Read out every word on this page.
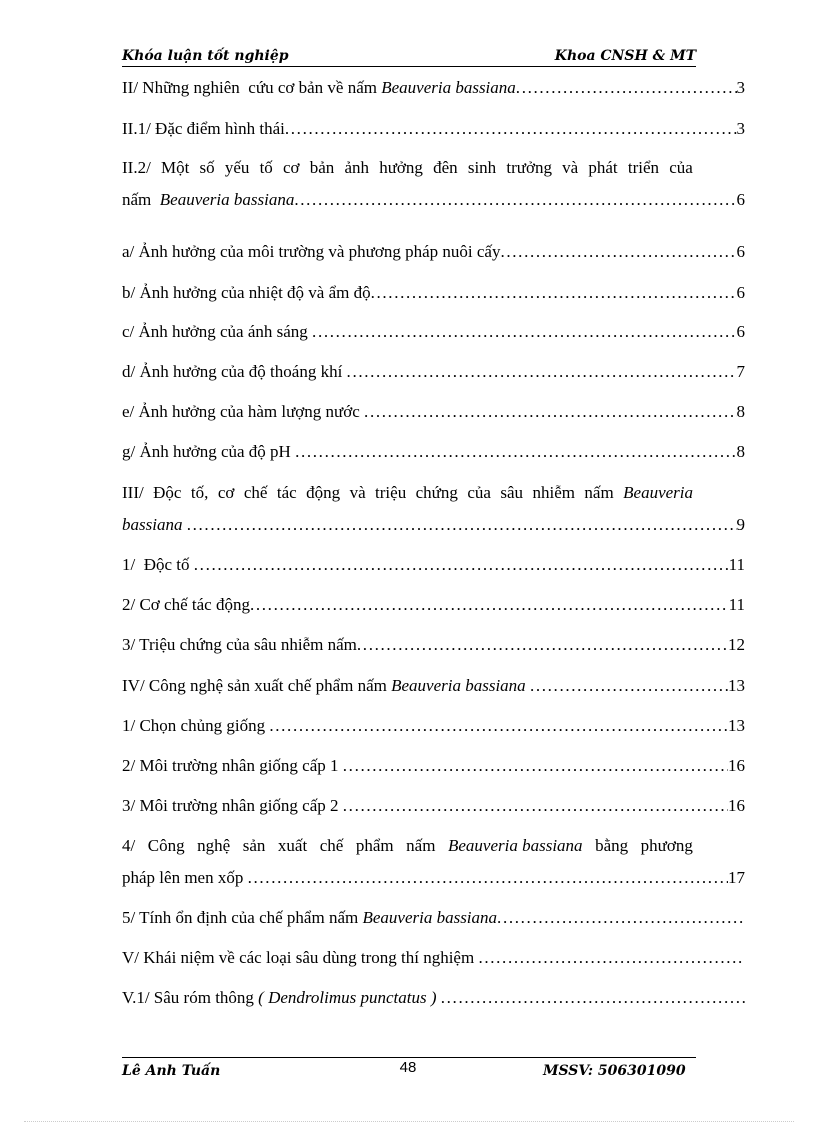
Khóa luận tốt nghiệp	Khoa CNSH & MT
II/ Những nghiên  cứu cơ bản về nấm Beauveria bassiana . . .	3
II.1/ Đặc điểm hình thái . . .	3
II.2/ Một số yếu tố cơ bản ảnh hưởng đên sinh trưởng và phát triển của
nấm  Beauveria bassiana . . .	6
a/ Ảnh hưởng của môi trường và phương pháp nuôi cấy . . .	6
b/ Ảnh hưởng của nhiệt độ và ẩm độ . . .	6
c/ Ảnh hưởng của ánh sáng . . .	6
d/ Ảnh hưởng của độ thoáng khí . . .	7
e/ Ảnh hưởng của hàm lượng nước . . .	8
g/ Ảnh hưởng của độ pH . . .	8
III/ Độc tố, cơ chế tác động và triệu chứng của sâu nhiễm nấm Beauveria
bassiana . . .	9
1/  Độc tố . . .	11
2/ Cơ chế tác động . . .	11
3/ Triệu chứng của sâu nhiễm nấm . . .	12
IV/ Công nghệ sản xuất chế phẩm nấm Beauveria bassiana . . .	13
1/ Chọn chủng giống . . .	13
2/ Môi trường nhân giống cấp 1 . . .	16
3/ Môi trường nhân giống cấp 2 . . .	16
4/ Công nghệ sản xuất chế phẩm nấm Beauveria bassiana bằng phương
pháp lên men xốp . . .	17
5/ Tính ổn định của chế phẩm nấm Beauveria bassiana
. . .
V/ Khái niệm về các loại sâu dùng trong thí nghiệm
. . .
V.1/ Sâu róm thông ( Dendrolimus punctatus )
. . .
Lê Anh Tuấn	48	MSSV: 506301090
